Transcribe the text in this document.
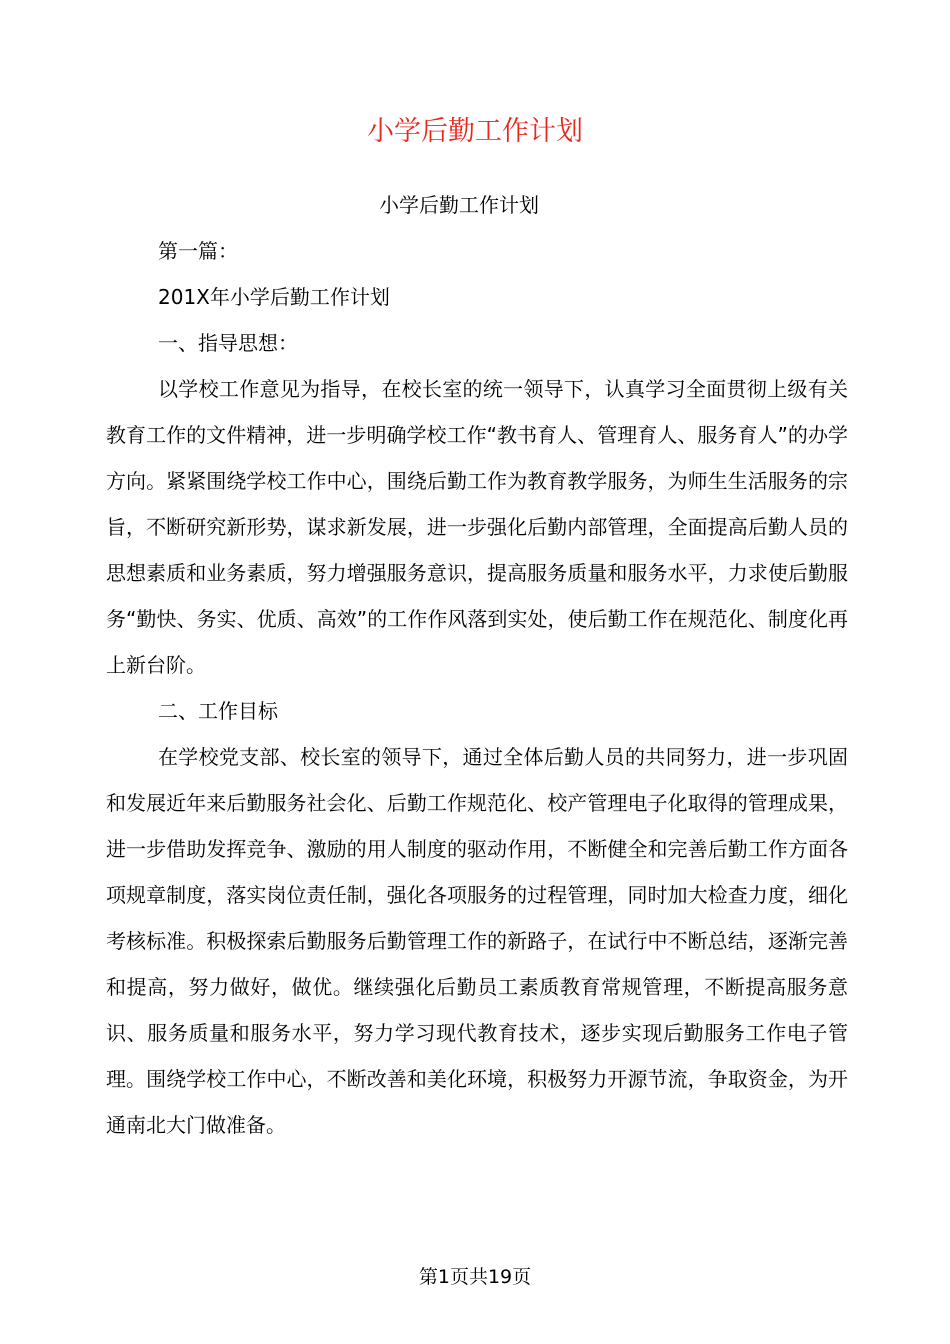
小学后勤工作计划

小学后勤工作计划

第一篇：

201X年小学后勤工作计划

一、指导思想：

以学校工作意见为指导，在校长室的统一领导下，认真学习全面贯彻上级有关教育工作的文件精神，进一步明确学校工作“教书育人、管理育人、服务育人”的办学方向。紧紧围绕学校工作中心，围绕后勤工作为教育教学服务，为师生生活服务的宗旨，不断研究新形势，谋求新发展，进一步强化后勤内部管理，全面提高后勤人员的思想素质和业务素质，努力增强服务意识，提高服务质量和服务水平，力求使后勤服务“勤快、务实、优质、高效”的工作作风落到实处，使后勤工作在规范化、制度化再上新台阶。

二、工作目标

在学校党支部、校长室的领导下，通过全体后勤人员的共同努力，进一步巩固和发展近年来后勤服务社会化、后勤工作规范化、校产管理电子化取得的管理成果，进一步借助发挥竞争、激励的用人制度的驱动作用，不断健全和完善后勤工作方面各项规章制度，落实岗位责任制，强化各项服务的过程管理，同时加大检查力度，细化考核标准。积极探索后勤服务后勤管理工作的新路子，在试行中不断总结，逐渐完善和提高，努力做好，做优。继续强化后勤员工素质教育常规管理，不断提高服务意识、服务质量和服务水平，努力学习现代教育技术，逐步实现后勤服务工作电子管理。围绕学校工作中心，不断改善和美化环境，积极努力开源节流，争取资金，为开通南北大门做准备。

第1页共19页
